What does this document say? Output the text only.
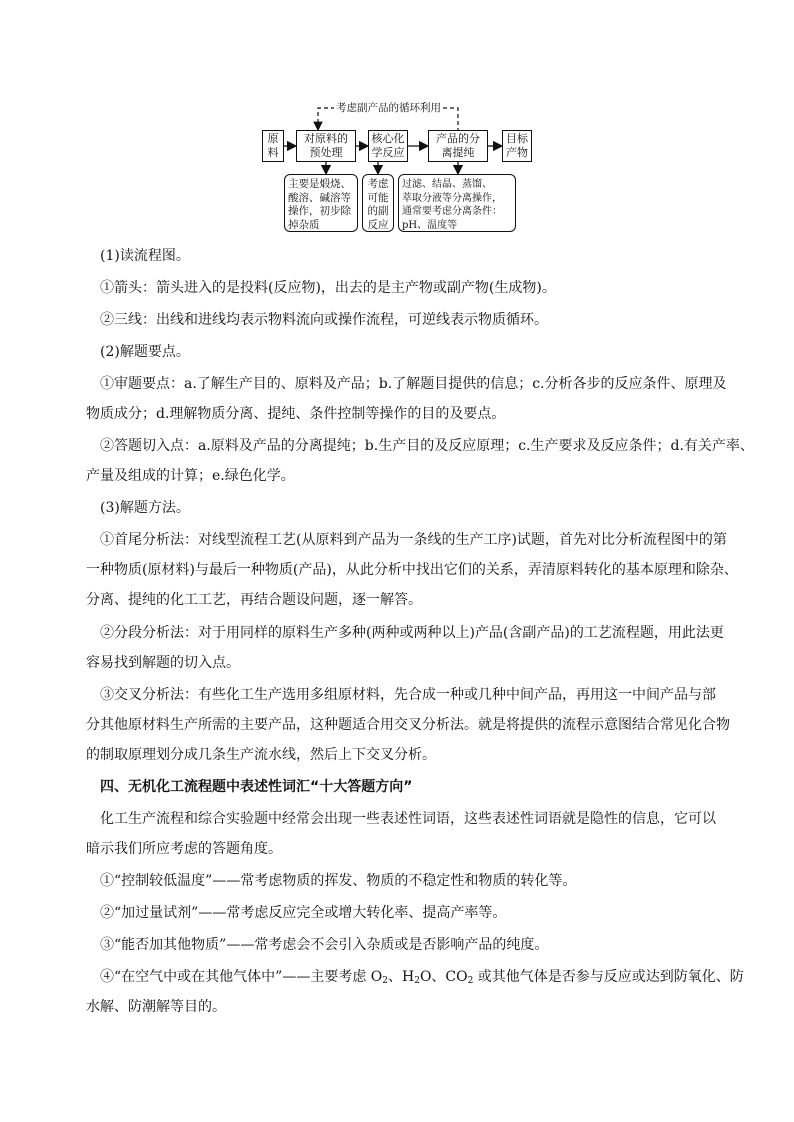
考虑副产品的循环利用
原
料
对原料的
预处理
核心化
学反应
产品的分
离提纯
目标
产物
主要是煅烧、
酸溶、碱溶等
操作，初步除
掉杂质
考虑
可能
的副
反应
过滤、结晶、蒸馏、
萃取分液等分离操作，
通常要考虑分离条件：
pH、温度等
(1)读流程图。
①箭头：箭头进入的是投料(反应物)，出去的是主产物或副产物(生成物)。
②三线：出线和进线均表示物料流向或操作流程，可逆线表示物质循环。
(2)解题要点。
①审题要点：a.了解生产目的、原料及产品；b.了解题目提供的信息；c.分析各步的反应条件、原理及
物质成分；d.理解物质分离、提纯、条件控制等操作的目的及要点。
②答题切入点：a.原料及产品的分离提纯；b.生产目的及反应原理；c.生产要求及反应条件；d.有关产率、
产量及组成的计算；e.绿色化学。
(3)解题方法。
①首尾分析法：对线型流程工艺(从原料到产品为一条线的生产工序)试题，首先对比分析流程图中的第
一种物质(原材料)与最后一种物质(产品)，从此分析中找出它们的关系，弄清原料转化的基本原理和除杂、
分离、提纯的化工工艺，再结合题设问题，逐一解答。
②分段分析法：对于用同样的原料生产多种(两种或两种以上)产品(含副产品)的工艺流程题，用此法更
容易找到解题的切入点。
③交叉分析法：有些化工生产选用多组原材料，先合成一种或几种中间产品，再用这一中间产品与部
分其他原材料生产所需的主要产品，这种题适合用交叉分析法。就是将提供的流程示意图结合常见化合物
的制取原理划分成几条生产流水线，然后上下交叉分析。
四、无机化工流程题中表述性词汇“十大答题方向”
化工生产流程和综合实验题中经常会出现一些表述性词语，这些表述性词语就是隐性的信息，它可以
暗示我们所应考虑的答题角度。
①“控制较低温度”——常考虑物质的挥发、物质的不稳定性和物质的转化等。
②“加过量试剂”——常考虑反应完全或增大转化率、提高产率等。
③“能否加其他物质”——常考虑会不会引入杂质或是否影响产品的纯度。
④“在空气中或在其他气体中”——主要考虑 $O_2$、$H_2O$、$CO_2$ 或其他气体是否参与反应或达到防氧化、防
水解、防潮解等目的。
